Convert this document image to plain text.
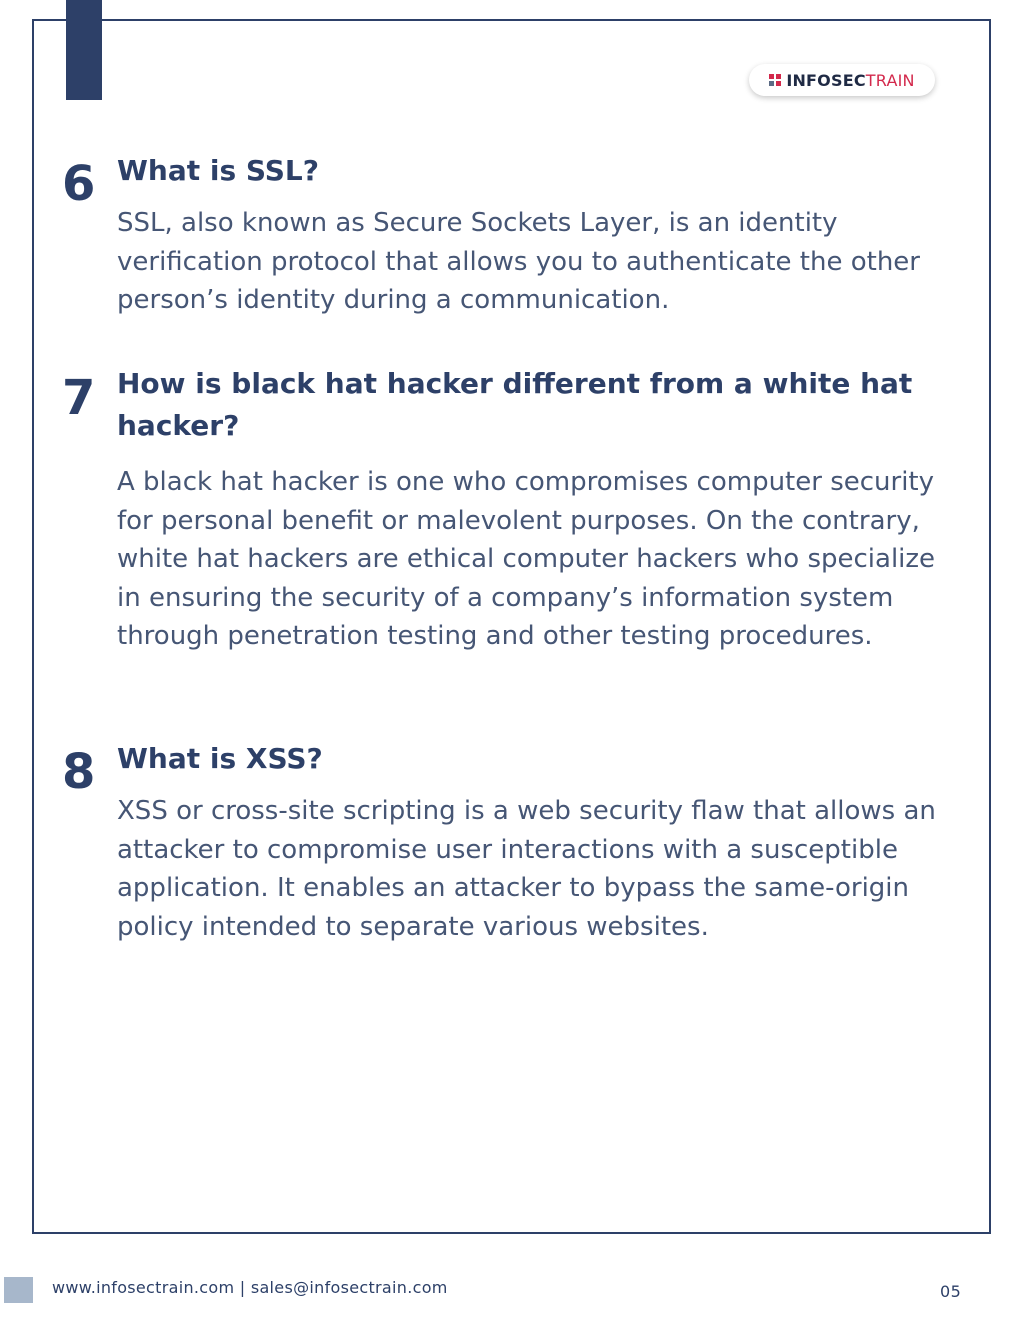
INFOSECTRAIN
6 What is SSL?
SSL, also known as Secure Sockets Layer, is an identity verification protocol that allows you to authenticate the other person’s identity during a communication.
7 How is black hat hacker different from a white hat hacker?
A black hat hacker is one who compromises computer security for personal benefit or malevolent purposes. On the contrary, white hat hackers are ethical computer hackers who specialize in ensuring the security of a company’s information system through penetration testing and other testing procedures.
8 What is XSS?
XSS or cross-site scripting is a web security flaw that allows an attacker to compromise user interactions with a susceptible application. It enables an attacker to bypass the same-origin policy intended to separate various websites.
www.infosectrain.com | sales@infosectrain.com	05
